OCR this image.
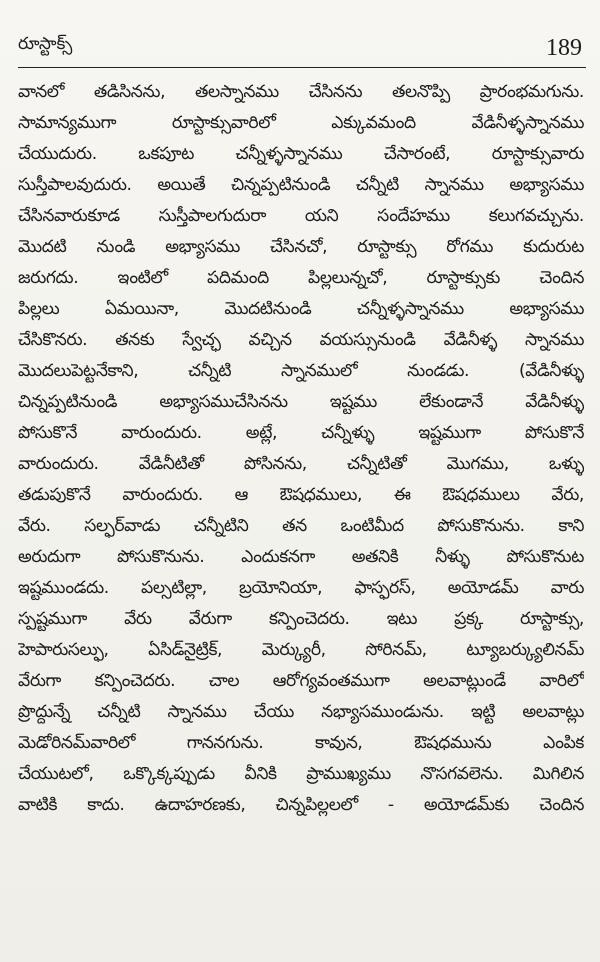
రూస్టాక్స్	189
వానలో తడిసినను, తలస్నానము చేసినను తలనొప్పి ప్రారంభమగును.
సామాన్యముగా రూస్టాక్సువారిలో ఎక్కువమంది వేడినీళ్ళస్నానము
చేయుదురు. ఒకపూట చన్నీళ్ళస్నానము చేసారంటే, రూస్టాక్సువారు
సుస్తీపాలవుదురు. అయితే చిన్నప్పటినుండి చన్నీటి స్నానము అభ్యాసము
చేసినవారుకూడ సుస్తీపాలగుదురా యని సందేహము కలుగవచ్చును.
మొదటి నుండి అభ్యాసము చేసినచో, రూస్టాక్సు రోగము కుదురుట
జరుగదు. ఇంటిలో పదిమంది పిల్లలున్నచో, రూస్టాక్సుకు చెందిన
పిల్లలు ఏమయినా, మొదటినుండి చన్నీళ్ళస్నానము అభ్యాసము
చేసికొనరు. తనకు స్వేచ్ఛ వచ్చిన వయస్సునుండి వేడినీళ్ళ స్నానము
మొదలుపెట్టనేకాని, చన్నీటి స్నానములో నుండడు. (వేడినీళ్ళు
చిన్నప్పటినుండి అభ్యాసముచేసినను ఇష్టము లేకుండానే వేడినీళ్ళు
పోసుకొనే వారుందురు. అట్లే, చన్నీళ్ళు ఇష్టముగా పోసుకొనే
వారుందురు. వేడినీటితో పోసినను, చన్నీటితో మొగము, ఒళ్ళు
తడుపుకొనే వారుందురు. ఆ ఔషధములు, ఈ ఔషధములు వేరు,
వేరు. సల్ఫర్‌వాడు చన్నీటిని తన ఒంటిమీద పోసుకొనును. కాని
అరుదుగా పోసుకొనును. ఎందుకనగా అతనికి నీళ్ళు పోసుకొనుట
ఇష్టముండదు. పల్సటిల్లా, బ్రయోనియా, ఫాస్ఫరస్, అయోడమ్ వారు
స్పష్టముగా వేరు వేరుగా కన్పించెదరు. ఇటు ప్రక్క రూస్టాక్సు,
హెపారుసల్ఫు, ఏసిడ్‌నైట్రిక్, మెర్క్యురీ, సోరినమ్, ట్యూబర్క్యులినమ్
వేరుగా కన్పించెదరు. చాల ఆరోగ్యవంతముగా అలవాట్లుండే వారిలో
ప్రొద్దున్నే చన్నీటి స్నానము చేయు నభ్యాసముండును. ఇట్టి అలవాట్లు
మెడోరినమ్‌వారిలో గాననగును. కావున, ఔషధమును ఎంపిక
చేయుటలో, ఒక్కొక్కప్పుడు వీనికి ప్రాముఖ్యము నొసగవలెను. మిగిలిన
వాటికి కాదు. ఉదాహరణకు, చిన్నపిల్లలలో - అయోడమ్‌కు చెందిన
